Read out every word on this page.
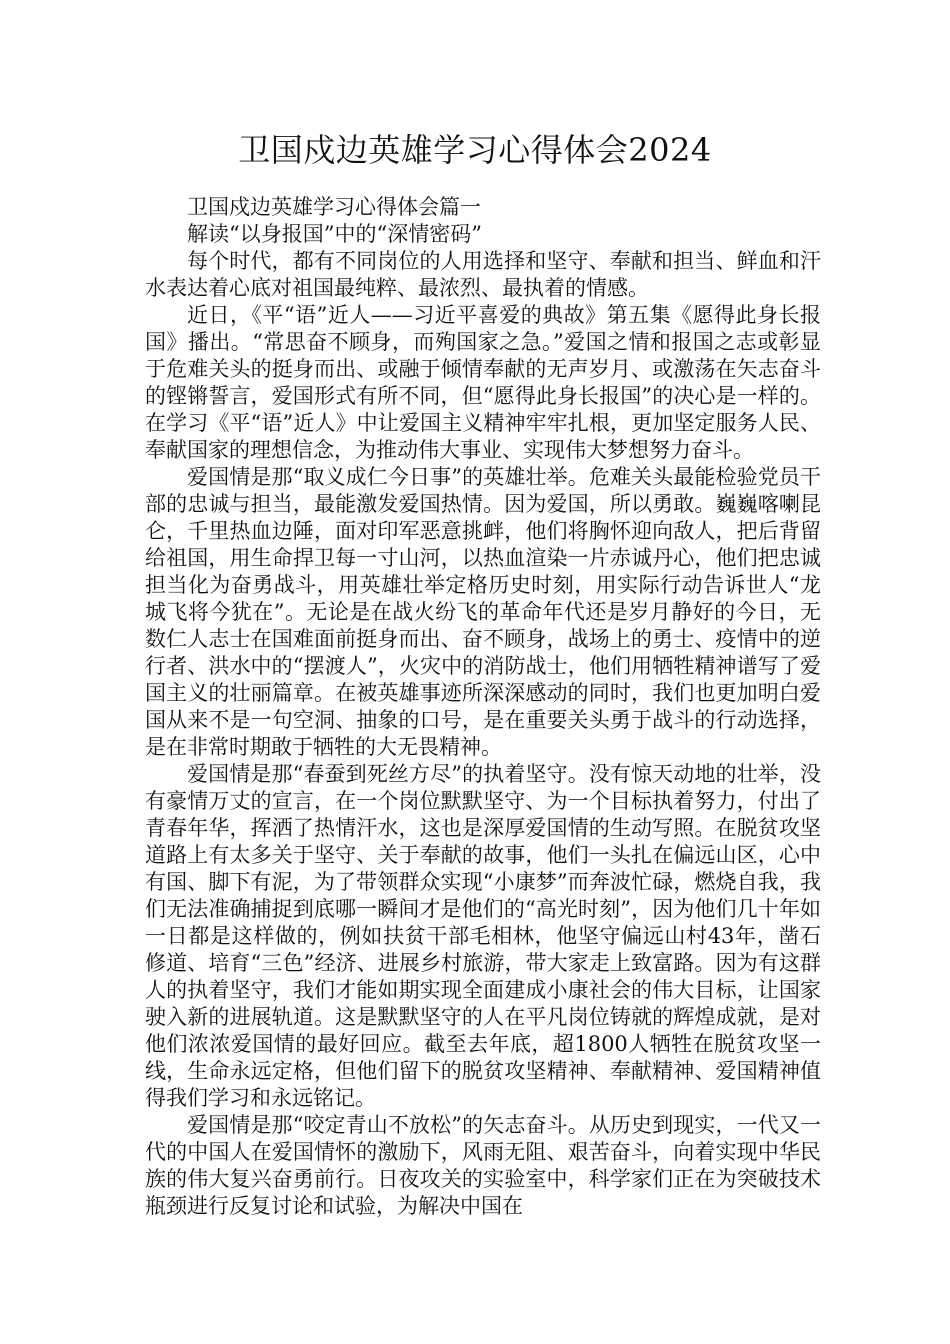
卫国戍边英雄学习心得体会2024

卫国戍边英雄学习心得体会篇一

解读“以身报国”中的“深情密码”

每个时代，都有不同岗位的人用选择和坚守、奉献和担当、鲜血和汗水表达着心底对祖国最纯粹、最浓烈、最执着的情感。

近日，《平“语”近人——习近平喜爱的典故》第五集《愿得此身长报国》播出。“常思奋不顾身，而殉国家之急。”爱国之情和报国之志或彰显于危难关头的挺身而出、或融于倾情奉献的无声岁月、或激荡在矢志奋斗的铿锵誓言，爱国形式有所不同，但“愿得此身长报国”的决心是一样的。在学习《平“语”近人》中让爱国主义精神牢牢扎根，更加坚定服务人民、奉献国家的理想信念，为推动伟大事业、实现伟大梦想努力奋斗。

爱国情是那“取义成仁今日事”的英雄壮举。危难关头最能检验党员干部的忠诚与担当，最能激发爱国热情。因为爱国，所以勇敢。巍巍喀喇昆仑，千里热血边陲，面对印军恶意挑衅，他们将胸怀迎向敌人，把后背留给祖国，用生命捍卫每一寸山河，以热血渲染一片赤诚丹心，他们把忠诚担当化为奋勇战斗，用英雄壮举定格历史时刻，用实际行动告诉世人“龙城飞将今犹在”。无论是在战火纷飞的革命年代还是岁月静好的今日，无数仁人志士在国难面前挺身而出、奋不顾身，战场上的勇士、疫情中的逆行者、洪水中的“摆渡人”，火灾中的消防战士，他们用牺牲精神谱写了爱国主义的壮丽篇章。在被英雄事迹所深深感动的同时，我们也更加明白爱国从来不是一句空洞、抽象的口号，是在重要关头勇于战斗的行动选择，是在非常时期敢于牺牲的大无畏精神。

爱国情是那“春蚕到死丝方尽”的执着坚守。没有惊天动地的壮举，没有豪情万丈的宣言，在一个岗位默默坚守、为一个目标执着努力，付出了青春年华，挥洒了热情汗水，这也是深厚爱国情的生动写照。在脱贫攻坚道路上有太多关于坚守、关于奉献的故事，他们一头扎在偏远山区，心中有国、脚下有泥，为了带领群众实现“小康梦”而奔波忙碌，燃烧自我，我们无法准确捕捉到底哪一瞬间才是他们的“高光时刻”，因为他们几十年如一日都是这样做的，例如扶贫干部毛相林，他坚守偏远山村43年，凿石修道、培育“三色”经济、进展乡村旅游，带大家走上致富路。因为有这群人的执着坚守，我们才能如期实现全面建成小康社会的伟大目标，让国家驶入新的进展轨道。这是默默坚守的人在平凡岗位铸就的辉煌成就，是对他们浓浓爱国情的最好回应。截至去年底，超1800人牺牲在脱贫攻坚一线，生命永远定格，但他们留下的脱贫攻坚精神、奉献精神、爱国精神值得我们学习和永远铭记。

爱国情是那“咬定青山不放松”的矢志奋斗。从历史到现实，一代又一代的中国人在爱国情怀的激励下，风雨无阻、艰苦奋斗，向着实现中华民族的伟大复兴奋勇前行。日夜攻关的实验室中，科学家们正在为突破技术瓶颈进行反复讨论和试验，为解决中国在
